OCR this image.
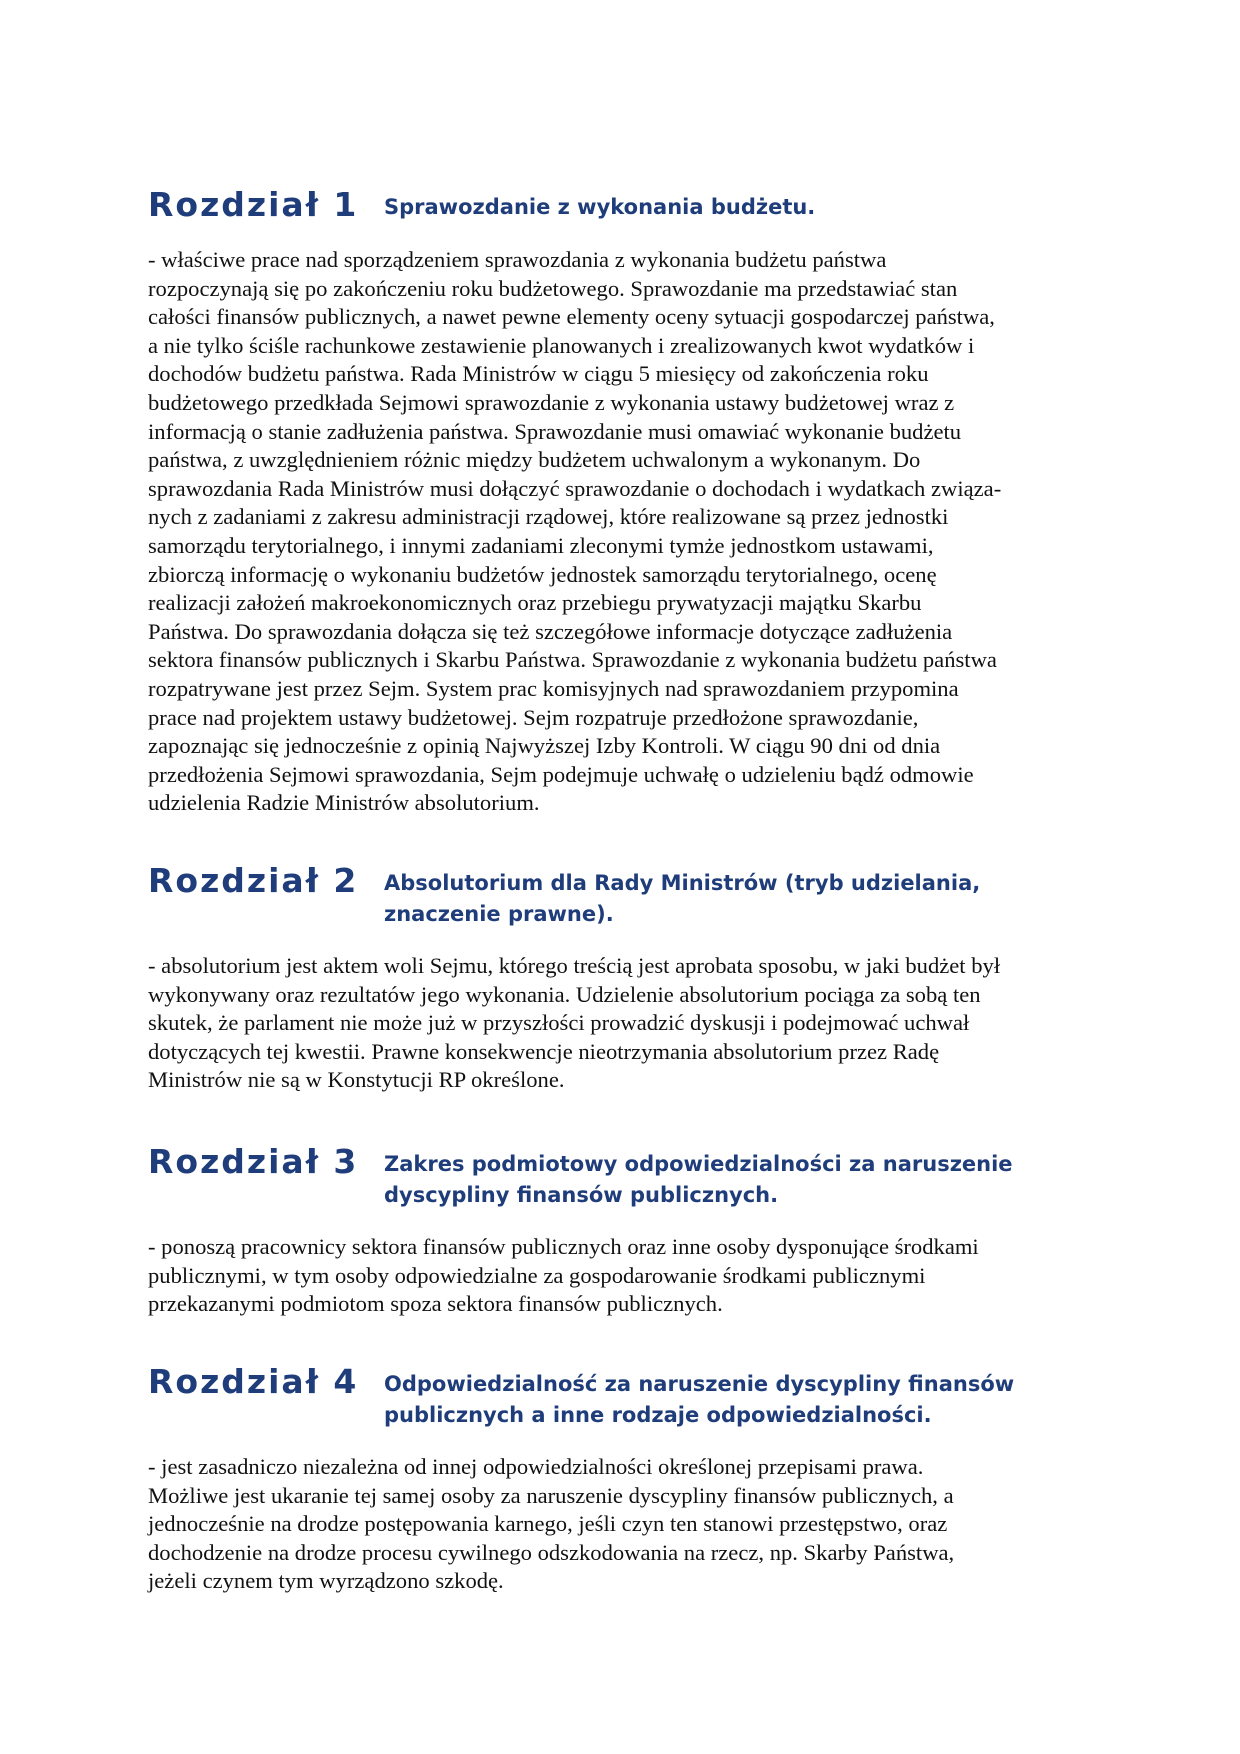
Rozdział 1	Sprawozdanie z wykonania budżetu.
- właściwe prace nad sporządzeniem sprawozdania z wykonania budżetu państwa
rozpoczynają się po zakończeniu roku budżetowego. Sprawozdanie ma przedstawiać stan
całości finansów publicznych, a nawet pewne elementy oceny sytuacji gospodarczej państwa,
a nie tylko ściśle rachunkowe zestawienie planowanych i zrealizowanych kwot wydatków i
dochodów budżetu państwa. Rada Ministrów w ciągu 5 miesięcy od zakończenia roku
budżetowego przedkłada Sejmowi sprawozdanie z wykonania ustawy budżetowej wraz z
informacją o stanie zadłużenia państwa. Sprawozdanie musi omawiać wykonanie budżetu
państwa, z uwzględnieniem różnic między budżetem uchwalonym a wykonanym. Do
sprawozdania Rada Ministrów musi dołączyć sprawozdanie o dochodach i wydatkach związa-
nych z zadaniami z zakresu administracji rządowej, które realizowane są przez jednostki
samorządu terytorialnego, i innymi zadaniami zleconymi tymże jednostkom ustawami,
zbiorczą informację o wykonaniu budżetów jednostek samorządu terytorialnego, ocenę
realizacji założeń makroekonomicznych oraz przebiegu prywatyzacji majątku Skarbu
Państwa. Do sprawozdania dołącza się też szczegółowe informacje dotyczące zadłużenia
sektora finansów publicznych i Skarbu Państwa. Sprawozdanie z wykonania budżetu państwa
rozpatrywane jest przez Sejm. System prac komisyjnych nad sprawozdaniem przypomina
prace nad projektem ustawy budżetowej. Sejm rozpatruje przedłożone sprawozdanie,
zapoznając się jednocześnie z opinią Najwyższej Izby Kontroli. W ciągu 90 dni od dnia
przedłożenia Sejmowi sprawozdania, Sejm podejmuje uchwałę o udzieleniu bądź odmowie
udzielenia Radzie Ministrów absolutorium.
Rozdział 2	Absolutorium dla Rady Ministrów (tryb udzielania, znaczenie prawne).
- absolutorium jest aktem woli Sejmu, którego treścią jest aprobata sposobu, w jaki budżet był
wykonywany oraz rezultatów jego wykonania. Udzielenie absolutorium pociąga za sobą ten
skutek, że parlament nie może już w przyszłości prowadzić dyskusji i podejmować uchwał
dotyczących tej kwestii. Prawne konsekwencje nieotrzymania absolutorium przez Radę
Ministrów nie są w Konstytucji RP określone.
Rozdział 3	Zakres podmiotowy odpowiedzialności za naruszenie dyscypliny finansów publicznych.
- ponoszą pracownicy sektora finansów publicznych oraz inne osoby dysponujące środkami
publicznymi, w tym osoby odpowiedzialne za gospodarowanie środkami publicznymi
przekazanymi podmiotom spoza sektora finansów publicznych.
Rozdział 4	Odpowiedzialność za naruszenie dyscypliny finansów publicznych a inne rodzaje odpowiedzialności.
- jest zasadniczo niezależna od innej odpowiedzialności określonej przepisami prawa.
Możliwe jest ukaranie tej samej osoby za naruszenie dyscypliny finansów publicznych, a
jednocześnie na drodze postępowania karnego, jeśli czyn ten stanowi przestępstwo, oraz
dochodzenie na drodze procesu cywilnego odszkodowania na rzecz, np. Skarby Państwa,
jeżeli czynem tym wyrządzono szkodę.
